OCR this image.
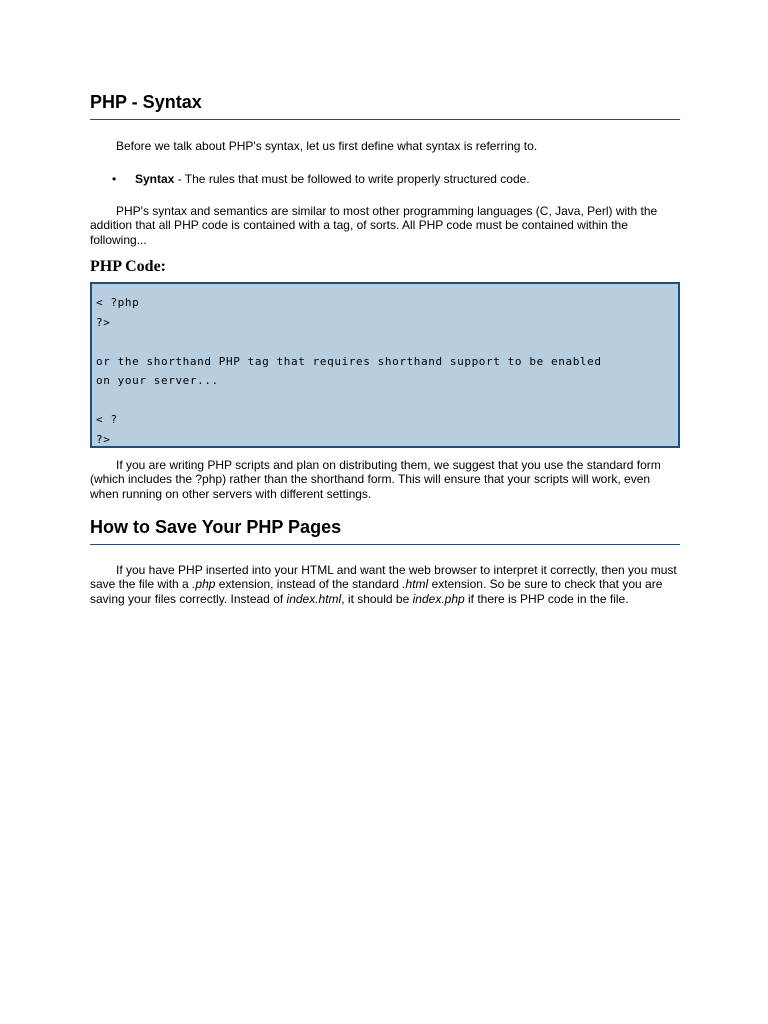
PHP - Syntax

Before we talk about PHP's syntax, let us first define what syntax is referring to.

• Syntax - The rules that must be followed to write properly structured code.

PHP's syntax and semantics are similar to most other programming languages (C, Java, Perl) with the addition that all PHP code is contained with a tag, of sorts. All PHP code must be contained within the following...

PHP Code:
< ?php
?>
or the shorthand PHP tag that requires shorthand support to be enabled
on your server...
< ?
?>

If you are writing PHP scripts and plan on distributing them, we suggest that you use the standard form (which includes the ?php) rather than the shorthand form. This will ensure that your scripts will work, even when running on other servers with different settings.

How to Save Your PHP Pages

If you have PHP inserted into your HTML and want the web browser to interpret it correctly, then you must save the file with a .php extension, instead of the standard .html extension. So be sure to check that you are saving your files correctly. Instead of index.html, it should be index.php if there is PHP code in the file.
